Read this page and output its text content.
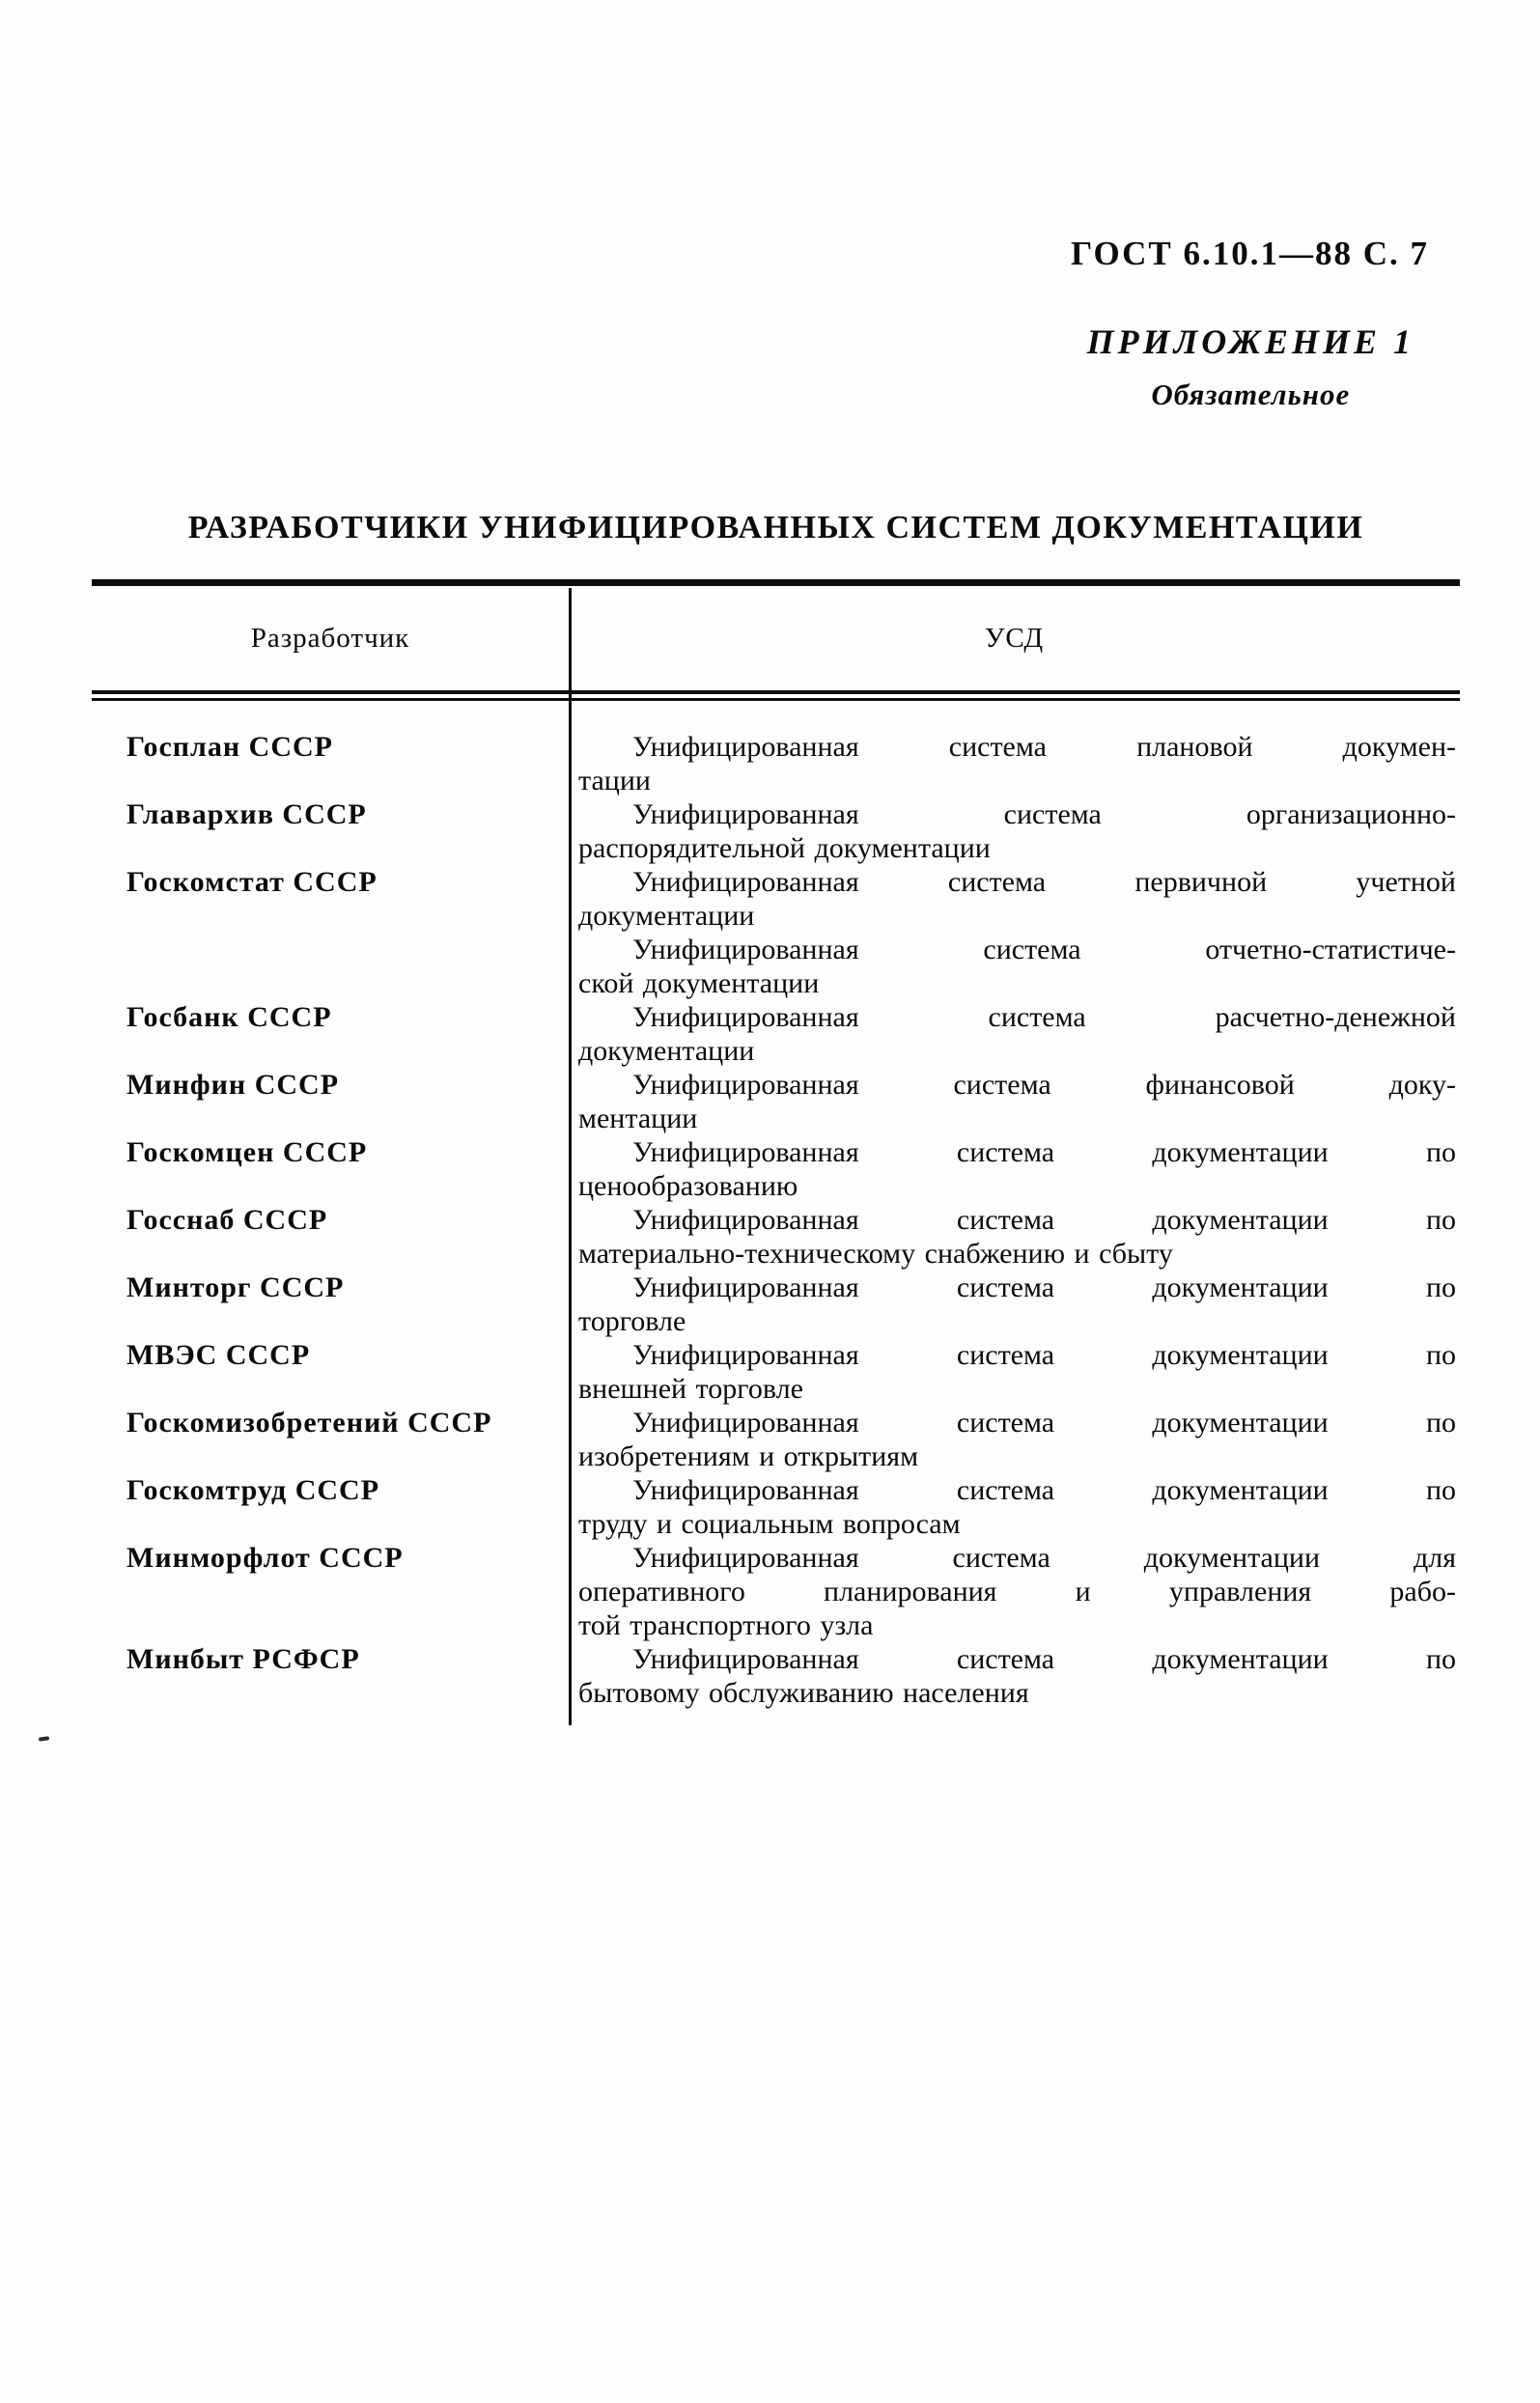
ГОСТ 6.10.1—88 С. 7
ПРИЛОЖЕНИЕ 1
Обязательное
РАЗРАБОТЧИКИ УНИФИЦИРОВАННЫХ СИСТЕМ ДОКУМЕНТАЦИИ
Разработчик	УСД
Госплан СССР	Унифицированная система плановой докумен-
тации
Главархив СССР	Унифицированная система организационно-
распорядительной документации
Госкомстат СССР	Унифицированная система первичной учетной
документации
Унифицированная система отчетно-статистиче-
ской документации
Госбанк СССР	Унифицированная система расчетно-денежной
документации
Минфин СССР	Унифицированная система финансовой доку-
ментации
Госкомцен СССР	Унифицированная система документации по
ценообразованию
Госснаб СССР	Унифицированная система документации по
материально-техническому снабжению и сбыту
Минторг СССР	Унифицированная система документации по
торговле
МВЭС СССР	Унифицированная система документации по
внешней торговле
Госкомизобретений СССР	Унифицированная система документации по
изобретениям и открытиям
Госкомтруд СССР	Унифицированная система документации по
труду и социальным вопросам
Минморфлот СССР	Унифицированная система документации для
оперативного планирования и управления рабо-
той транспортного узла
Минбыт РСФСР	Унифицированная система документации по
бытовому обслуживанию населения
